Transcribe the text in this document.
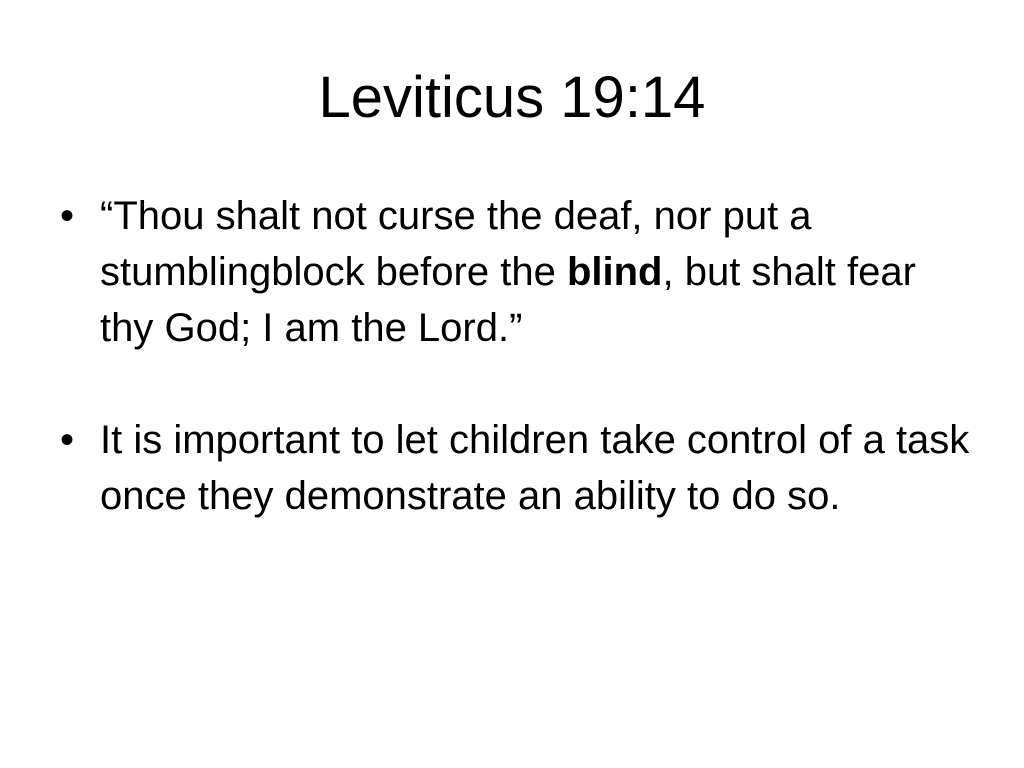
Leviticus 19:14
• “Thou shalt not curse the deaf, nor put a stumblingblock before the blind, but shalt fear thy God; I am the Lord.”
• It is important to let children take control of a task once they demonstrate an ability to do so.
